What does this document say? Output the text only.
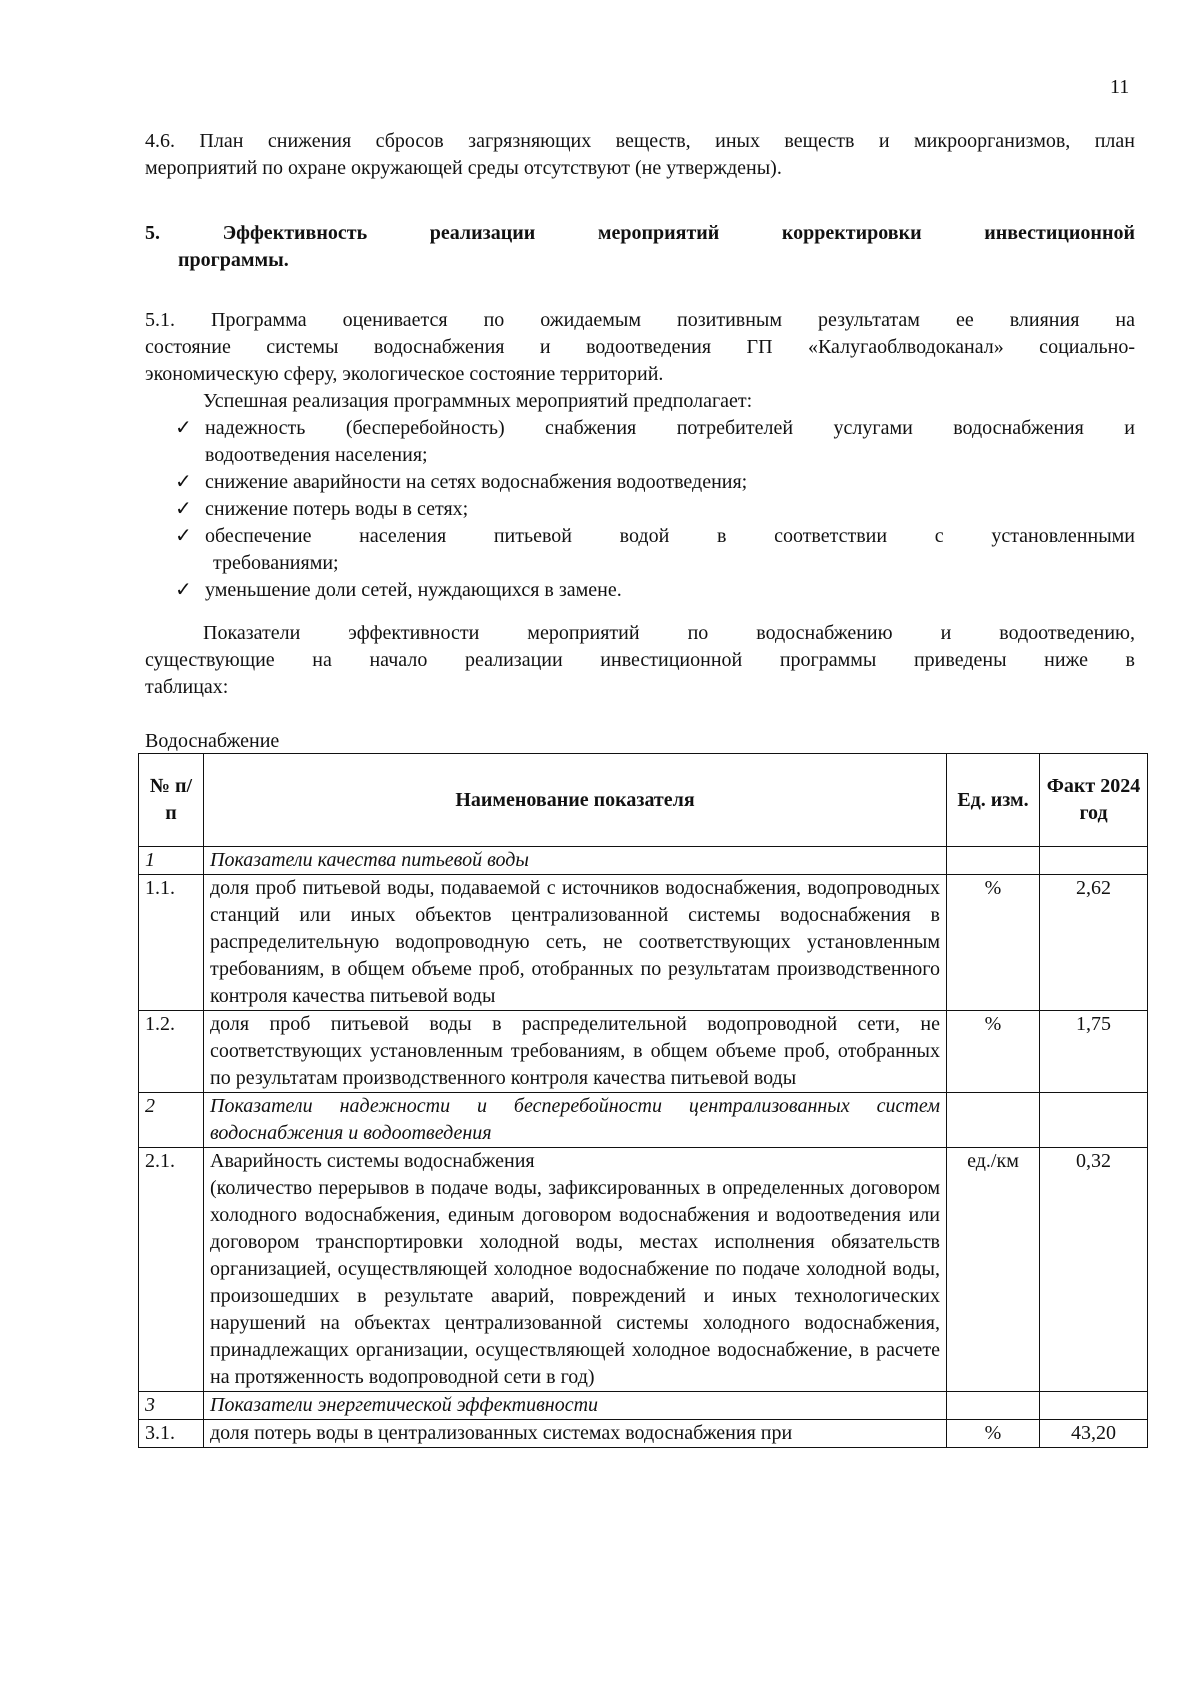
11
4.6. План снижения сбросов загрязняющих веществ, иных веществ и микроорганизмов, план
мероприятий по охране окружающей среды отсутствуют (не утверждены).
5. Эффективность реализации мероприятий корректировки инвестиционной
программы.
5.1. Программа оценивается по ожидаемым позитивным результатам ее влияния на
состояние системы водоснабжения и водоотведения ГП «Калугаоблводоканал» социально-
экономическую сферу, экологическое состояние территорий.
Успешная реализация программных мероприятий предполагает:
✓ надежность (бесперебойность) снабжения потребителей услугами водоснабжения и
водоотведения населения;
✓ снижение аварийности на сетях водоснабжения водоотведения;
✓ снижение потерь воды в сетях;
✓ обеспечение населения питьевой водой в соответствии с установленными
требованиями;
✓ уменьшение доли сетей, нуждающихся в замене.
Показатели эффективности мероприятий по водоснабжению и водоотведению,
существующие на начало реализации инвестиционной программы приведены ниже в
таблицах:
Водоснабжение
№ п/п	Наименование показателя	Ед. изм.	Факт 2024 год
1	Показатели качества питьевой воды		
1.1.	доля проб питьевой воды, подаваемой с источников водоснабжения, водопроводных станций или иных объектов централизованной системы водоснабжения в распределительную водопроводную сеть, не соответствующих установленным требованиям, в общем объеме проб, отобранных по результатам производственного контроля качества питьевой воды	%	2,62
1.2.	доля проб питьевой воды в распределительной водопроводной сети, не соответствующих установленным требованиям, в общем объеме проб, отобранных по результатам производственного контроля качества питьевой воды	%	1,75
2	Показатели надежности и бесперебойности централизованных систем водоснабжения и водоотведения		
2.1.	Аварийность системы водоснабжения
(количество перерывов в подаче воды, зафиксированных в определенных договором холодного водоснабжения, единым договором водоснабжения и водоотведения или договором транспортировки холодной воды, местах исполнения обязательств организацией, осуществляющей холодное водоснабжение по подаче холодной воды, произошедших в результате аварий, повреждений и иных технологических нарушений на объектах централизованной системы холодного водоснабжения, принадлежащих организации, осуществляющей холодное водоснабжение, в расчете на протяженность водопроводной сети в год)	ед./км	0,32
3	Показатели энергетической эффективности		
3.1.	доля потерь воды в централизованных системах водоснабжения при	%	43,20
